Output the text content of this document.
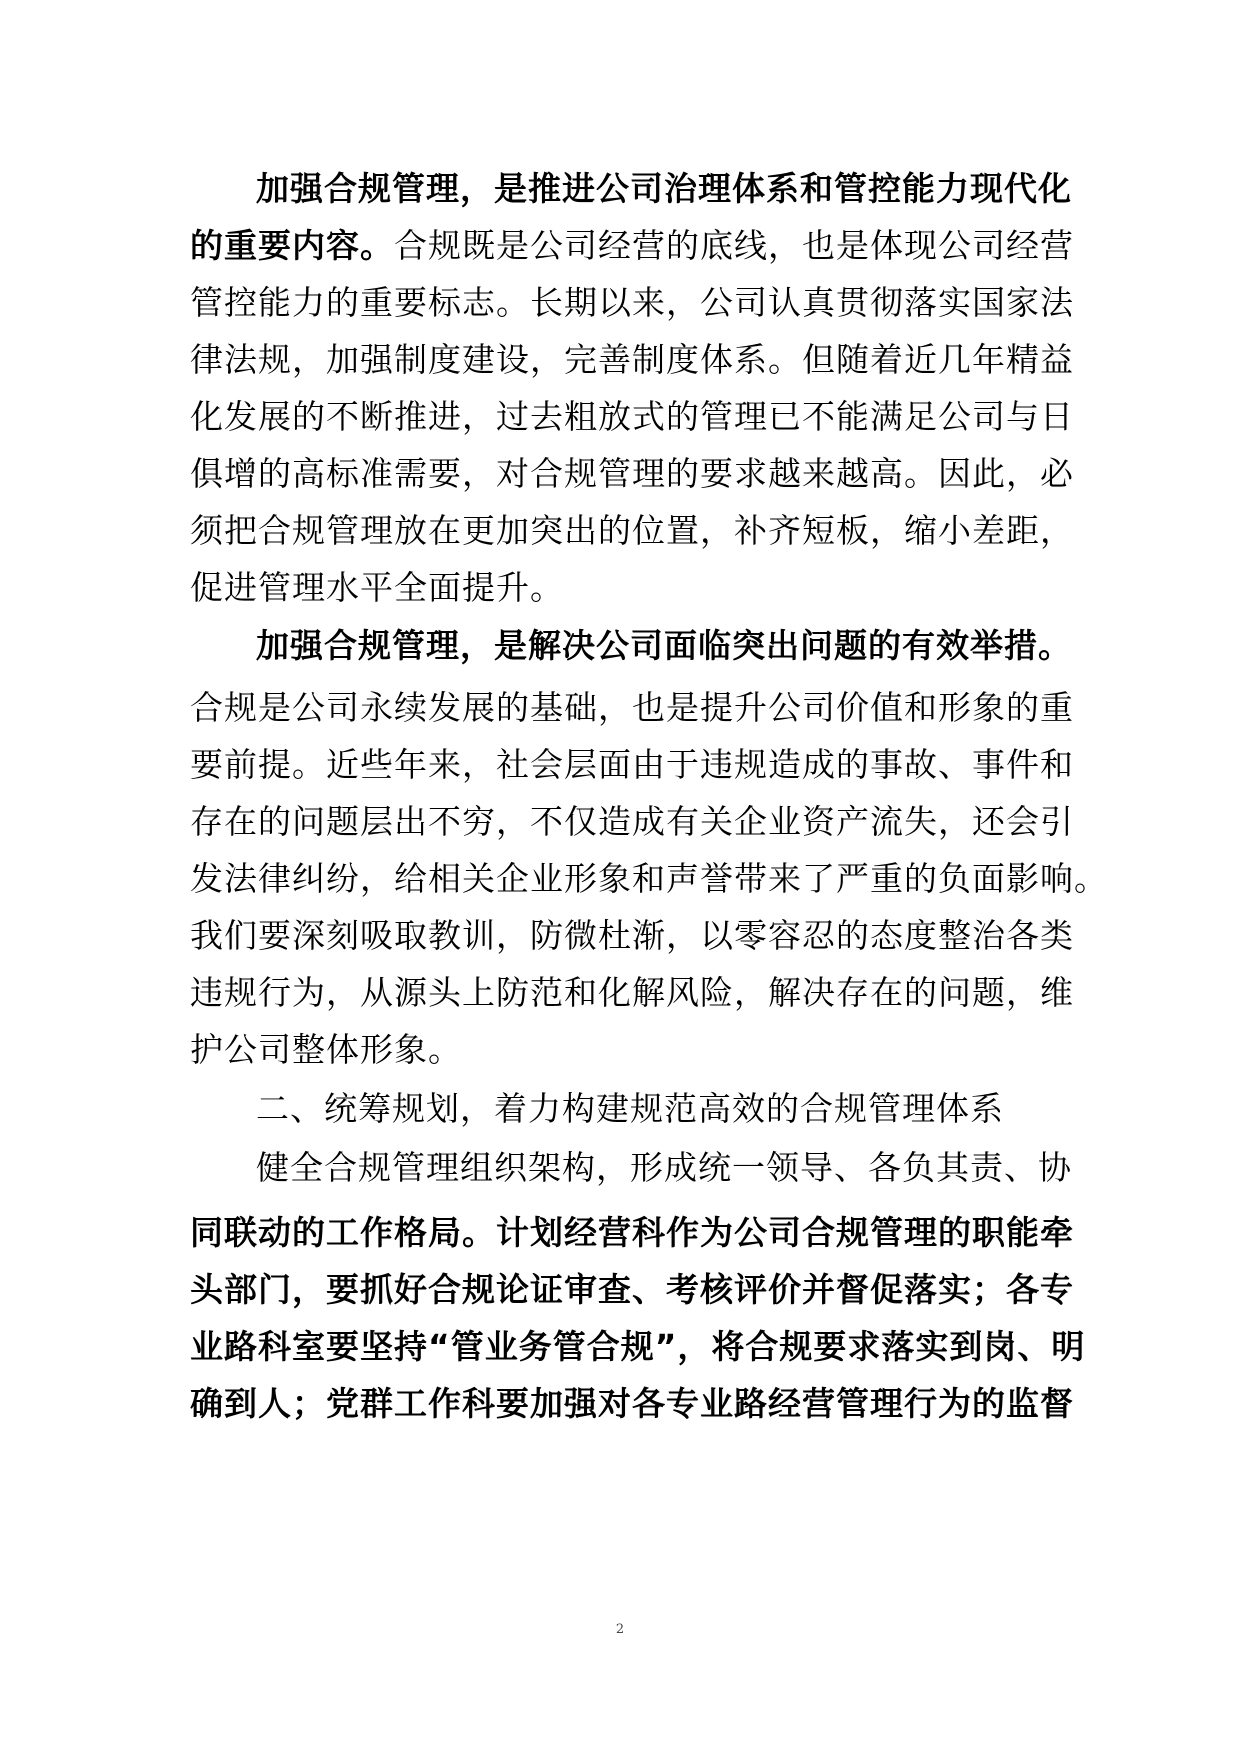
加强合规管理，是推进公司治理体系和管控能力现代化
的重要内容。合规既是公司经营的底线，也是体现公司经营
管控能力的重要标志。长期以来，公司认真贯彻落实国家法
律法规，加强制度建设，完善制度体系。但随着近几年精益
化发展的不断推进，过去粗放式的管理已不能满足公司与日
俱增的高标准需要，对合规管理的要求越来越高。因此，必
须把合规管理放在更加突出的位置，补齐短板，缩小差距，
促进管理水平全面提升。
加强合规管理，是解决公司面临突出问题的有效举措。
合规是公司永续发展的基础，也是提升公司价值和形象的重
要前提。近些年来，社会层面由于违规造成的事故、事件和
存在的问题层出不穷，不仅造成有关企业资产流失，还会引
发法律纠纷，给相关企业形象和声誉带来了严重的负面影响。
我们要深刻吸取教训，防微杜渐，以零容忍的态度整治各类
违规行为，从源头上防范和化解风险，解决存在的问题，维
护公司整体形象。
二、统筹规划，着力构建规范高效的合规管理体系
健全合规管理组织架构，形成统一领导、各负其责、协
同联动的工作格局。计划经营科作为公司合规管理的职能牵
头部门，要抓好合规论证审查、考核评价并督促落实；各专
业路科室要坚持“管业务管合规”，将合规要求落实到岗、明
确到人；党群工作科要加强对各专业路经营管理行为的监督
2
